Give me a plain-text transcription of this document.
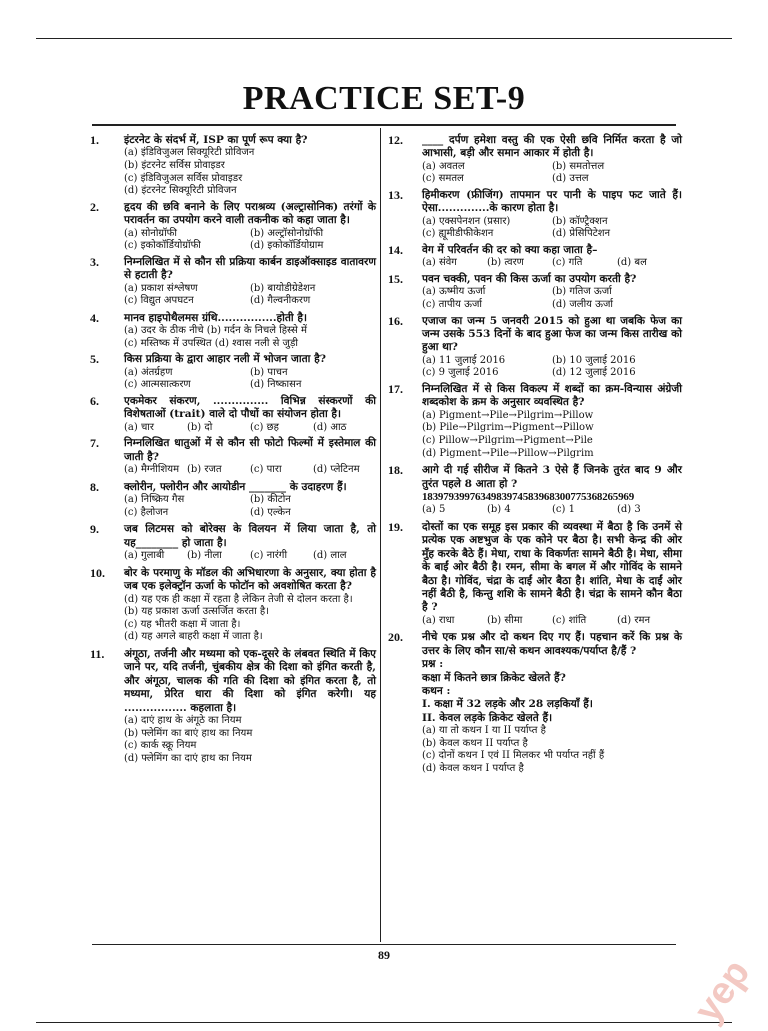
PRACTICE SET-9
1. इंटरनेट के संदर्भ में, ISP का पूर्ण रूप क्या है?
(a) इंडिविजुअल सिक्यूरिटी प्रोविजन
(b) इंटरनेट सर्विस प्रोवाइडर
(c) इंडिविजुअल सर्विस प्रोवाइडर
(d) इंटरनेट सिक्यूरिटी प्रोविजन
2. हृदय की छवि बनाने के लिए पराश्रव्य (अल्ट्रासोनिक) तरंगों के परावर्तन का उपयोग करने वाली तकनीक को कहा जाता है।
(a) सोनोग्रॉफी	(b) अल्ट्रॉसोनोग्रॉफी
(c) इकोकॉर्डियोग्रॉफी	(d) इकोकॉर्डियोग्राम
3. निम्नलिखित में से कौन सी प्रक्रिया कार्बन डाइऑक्साइड वातावरण से हटाती है?
(a) प्रकाश संश्लेषण	(b) बायोडीग्रेडेशन
(c) विद्युत अपघटन	(d) गैल्वनीकरण
4. मानव हाइपोथैलमस ग्रंथि................होती है।
(a) उदर के ठीक नीचे (b) गर्दन के निचले हिस्से में
(c) मस्तिष्क में उपस्थित (d) श्वास नली से जुड़ी
5. किस प्रक्रिया के द्वारा आहार नली में भोजन जाता है?
(a) अंतर्ग्रहण	(b) पाचन
(c) आत्मसात्करण	(d) निष्कासन
6. एकमेकर संकरण, ............... विभिन्न संस्करणों की विशेषताओं (trait) वाले दो पौधों का संयोजन होता है।
(a) चार	(b) दो	(c) छह	(d) आठ
7. निम्नलिखित धातुओं में से कौन सी फोटो फिल्मों में इस्तेमाल की जाती है?
(a) मैग्नीशियम (b) रजत	(c) पारा	(d) प्लेटिनम
8. क्लोरीन, फ्लोरीन और आयोडीन _______ के उदाहरण हैं।
(a) निष्क्रिय गैस	(b) कीटोन
(c) हैलोजन	(d) एल्केन
9. जब लिटमस को बोरेक्स के विलयन में लिया जाता है, तो यह________ हो जाता है।
(a) गुलाबी	(b) नीला	(c) नारंगी	(d) लाल
10. बोर के परमाणु के मॉडल की अभिधारणा के अनुसार, क्या होता है जब एक इलेक्ट्रॉन ऊर्जा के फोटॉन को अवशोषित करता है?
(d) यह एक ही कक्षा में रहता है लेकिन तेजी से दोलन करता है।
(b) यह प्रकाश ऊर्जा उत्सर्जित करता है।
(c) यह भीतरी कक्षा में जाता है।
(d) यह अगले बाहरी कक्षा में जाता है।
11. अंगूठा, तर्जनी और मध्यमा को एक-दूसरे के लंबवत स्थिति में किए जाने पर, यदि तर्जनी, चुंबकीय क्षेत्र की दिशा को इंगित करती है, और अंगूठा, चालक की गति की दिशा को इंगित करता है, तो मध्यमा, प्रेरित धारा की दिशा को इंगित करेगी। यह ................. कहलाता है।
(a) दाएं हाथ के अंगूठे का नियम
(b) फ्लेमिंग का बाएं हाथ का नियम
(c) कार्क स्क्रू नियम
(d) फ्लेमिंग का दाएं हाथ का नियम
12. ____ दर्पण हमेशा वस्तु की एक ऐसी छवि निर्मित करता है जो आभासी, बड़ी और समान आकार में होती है।
(a) अवतल	(b) समतोत्तल
(c) समतल	(d) उत्तल
13. हिमीकरण (फ्रीजिंग) तापमान पर पानी के पाइप फट जाते हैं। ऐसा..............के कारण होता है।
(a) एक्सपेनशन (प्रसार)	(b) कॉण्ट्रैक्शन
(c) ह्यूमीडीफीकेशन	(d) प्रेसिपिटेशन
14. वेग में परिवर्तन की दर को क्या कहा जाता है–
(a) संवेग	(b) त्वरण	(c) गति	(d) बल
15. पवन चक्की, पवन की किस ऊर्जा का उपयोग करती है?
(a) ऊष्मीय ऊर्जा	(b) गतिज ऊर्जा
(c) तापीय ऊर्जा	(d) जलीय ऊर्जा
16. एजाज का जन्म 5 जनवरी 2015 को हुआ था जबकि फेज का जन्म उसके 553 दिनों के बाद हुआ फेज का जन्म किस तारीख को हुआ था?
(a) 11 जुलाई 2016	(b) 10 जुलाई 2016
(c) 9 जुलाई 2016	(d) 12 जुलाई 2016
17. निम्नलिखित में से किस विकल्प में शब्दों का क्रम-विन्यास अंग्रेजी शब्दकोश के क्रम के अनुसार व्यवस्थित है?
(a) Pigment→Pile→Pilgrim→Pillow
(b) Pile→Pilgrim→Pigment→Pillow
(c) Pillow→Pilgrim→Pigment→Pile
(d) Pigment→Pile→Pillow→Pilgrim
18. आगे दी गई सीरीज में कितने 3 ऐसे हैं जिनके तुरंत बाद 9 और तुरंत पहले 8 आता हो ?
1839793997634983974583968300775368265969
(a) 5	(b) 4	(c) 1	(d) 3
19. दोस्तों का एक समूह इस प्रकार की व्यवस्था में बैठा है कि उनमें से प्रत्येक एक अष्टभुज के एक कोने पर बैठा है। सभी केन्द्र की ओर मुँह करके बैठे हैं। मेधा, राधा के विकर्णतः सामने बैठी है। मेधा, सीमा के बाईं ओर बैठी है। रमन, सीमा के बगल में और गोविंद के सामने बैठा है। गोविंद, चंद्रा के दाईं ओर बैठा है। शांति, मेधा के दाईं ओर नहीं बैठी है, किन्तु शशि के सामने बैठी है। चंद्रा के सामने कौन बैठा है ?
(a) राधा	(b) सीमा	(c) शांति	(d) रमन
20. नीचे एक प्रश्न और दो कथन दिए गए हैं। पहचान करें कि प्रश्न के उत्तर के लिए कौन सा/से कथन आवश्यक/पर्याप्त है/हैं ?
प्रश्न :
कक्षा में कितने छात्र क्रिकेट खेलते हैं?
कथन :
I. कक्षा में 32 लड़के और 28 लड़कियाँ हैं।
II. केवल लड़के क्रिकेट खेलते हैं।
(a) या तो कथन I या II पर्याप्त है
(b) केवल कथन II पर्याप्त है
(c) दोनों कथन I एवं II मिलकर भी पर्याप्त नहीं हैं
(d) केवल कथन I पर्याप्त है
89	yep
